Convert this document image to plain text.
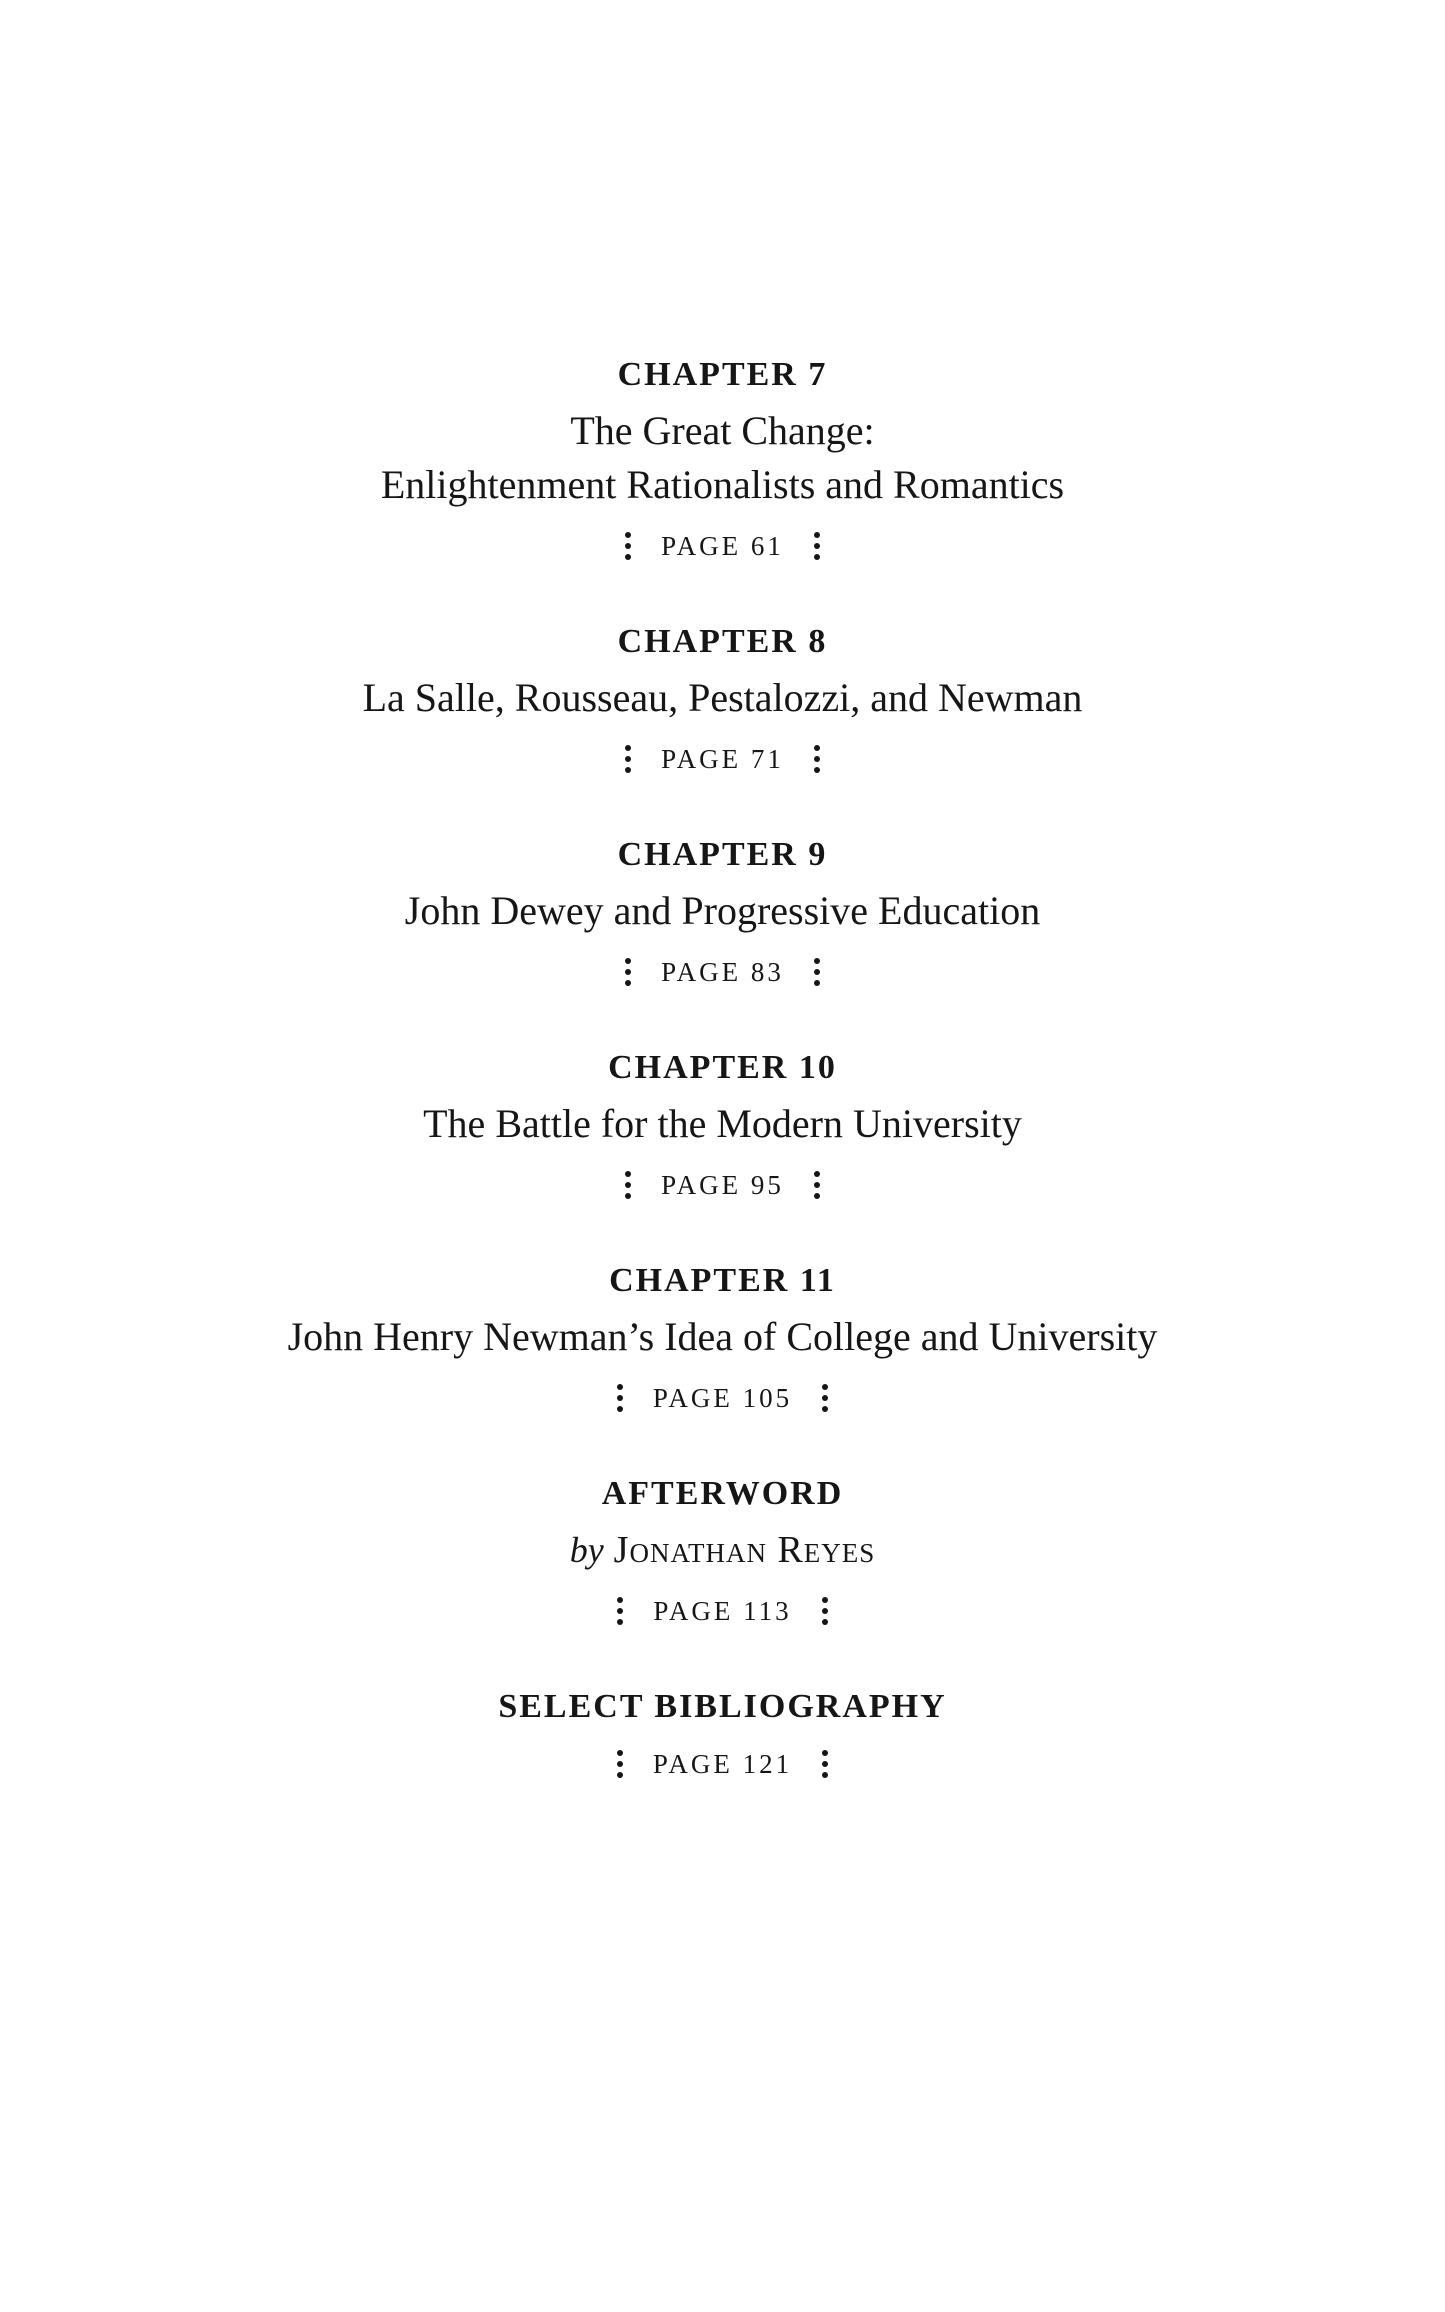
CHAPTER 7
The Great Change:
Enlightenment Rationalists and Romantics
PAGE 61
CHAPTER 8
La Salle, Rousseau, Pestalozzi, and Newman
PAGE 71
CHAPTER 9
John Dewey and Progressive Education
PAGE 83
CHAPTER 10
The Battle for the Modern University
PAGE 95
CHAPTER 11
John Henry Newman’s Idea of College and University
PAGE 105
AFTERWORD
by Jonathan Reyes
PAGE 113
SELECT BIBLIOGRAPHY
PAGE 121
